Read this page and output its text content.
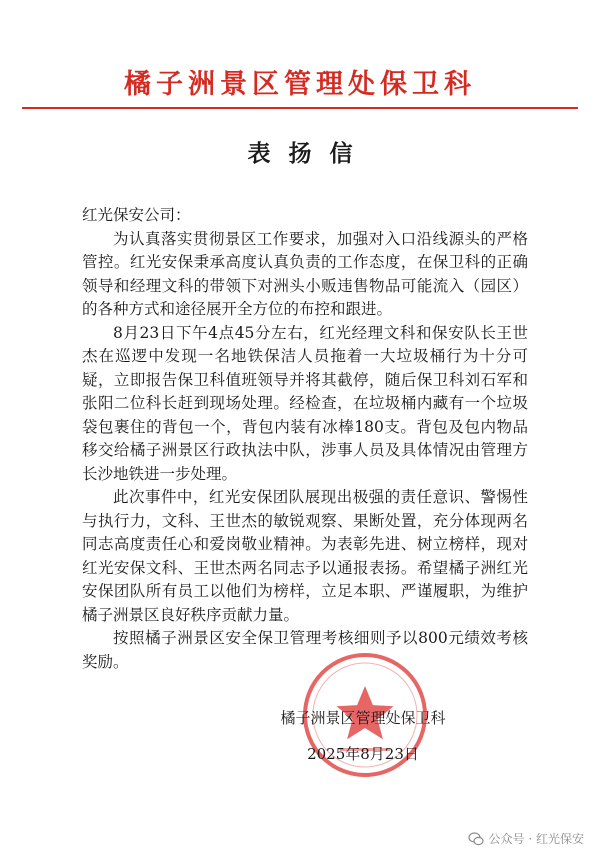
橘子洲景区管理处保卫科
表扬信

红光保安公司：

为认真落实贯彻景区工作要求，加强对入口沿线源头的严格管控。红光安保秉承高度认真负责的工作态度，在保卫科的正确领导和经理文科的带领下对洲头小贩违售物品可能流入（园区）的各种方式和途径展开全方位的布控和跟进。

8月23日下午4点45分左右，红光经理文科和保安队长王世杰在巡逻中发现一名地铁保洁人员拖着一大垃圾桶行为十分可疑，立即报告保卫科值班领导并将其截停，随后保卫科刘石军和张阳二位科长赶到现场处理。经检查，在垃圾桶内藏有一个垃圾袋包裹住的背包一个，背包内装有冰棒180支。背包及包内物品移交给橘子洲景区行政执法中队，涉事人员及具体情况由管理方长沙地铁进一步处理。

此次事件中，红光安保团队展现出极强的责任意识、警惕性与执行力，文科、王世杰的敏锐观察、果断处置，充分体现两名同志高度责任心和爱岗敬业精神。为表彰先进、树立榜样，现对红光安保文科、王世杰两名同志予以通报表扬。希望橘子洲红光安保团队所有员工以他们为榜样，立足本职、严谨履职，为维护橘子洲景区良好秩序贡献力量。

按照橘子洲景区安全保卫管理考核细则予以800元绩效考核奖励。

橘子洲景区管理处保卫科
2025年8月23日
公众号 · 红光保安
